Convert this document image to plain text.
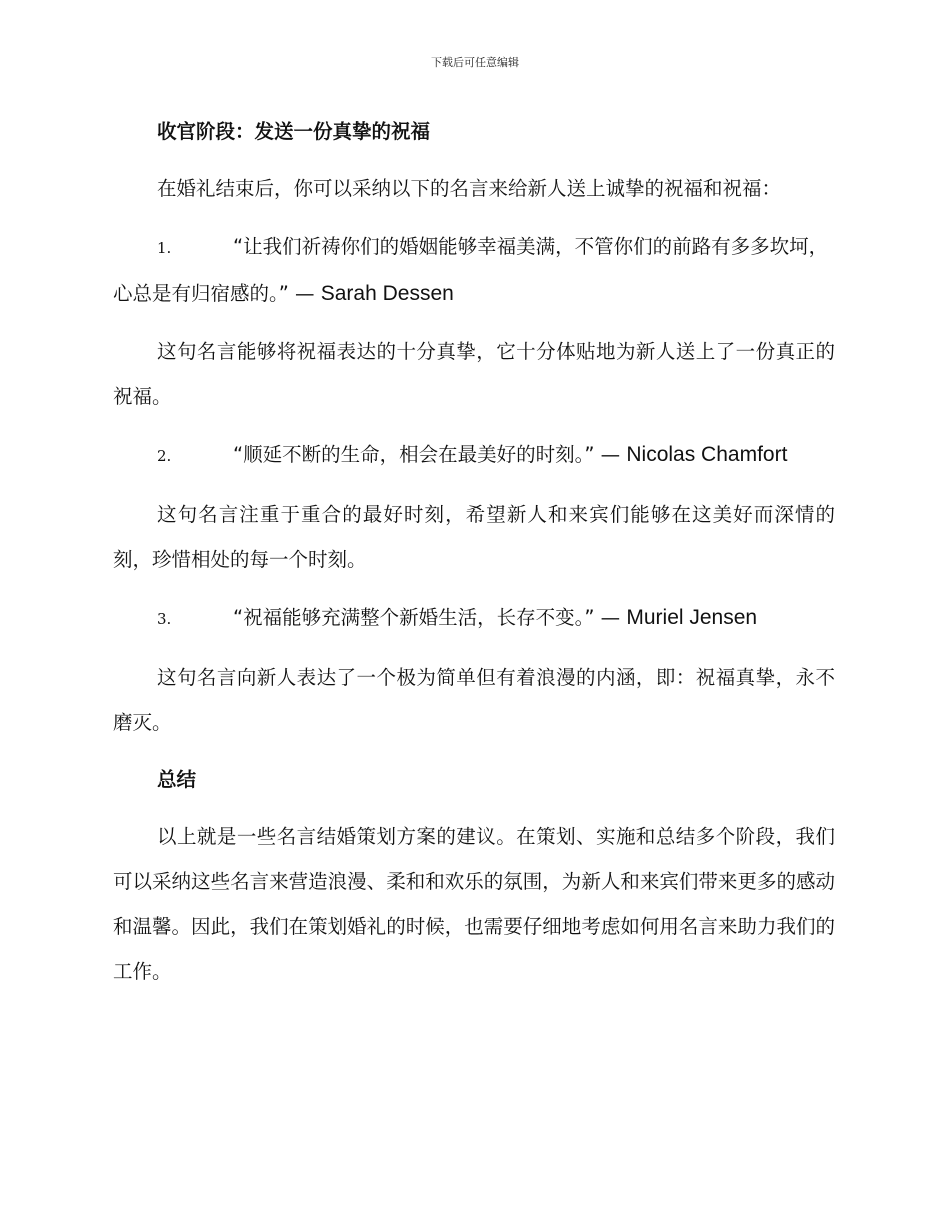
下载后可任意编辑

收官阶段：发送一份真挚的祝福

在婚礼结束后，你可以采纳以下的名言来给新人送上诚挚的祝福和祝福：

1.	“让我们祈祷你们的婚姻能够幸福美满，不管你们的前路有多多坎坷，心总是有归宿感的。” — Sarah Dessen

这句名言能够将祝福表达的十分真挚，它十分体贴地为新人送上了一份真正的祝福。

2.	“顺延不断的生命，相会在最美好的时刻。” — Nicolas Chamfort

这句名言注重于重合的最好时刻，希望新人和来宾们能够在这美好而深情的刻，珍惜相处的每一个时刻。

3.	“祝福能够充满整个新婚生活，长存不变。” — Muriel Jensen

这句名言向新人表达了一个极为简单但有着浪漫的内涵，即：祝福真挚，永不磨灭。

总结

以上就是一些名言结婚策划方案的建议。在策划、实施和总结多个阶段，我们可以采纳这些名言来营造浪漫、柔和和欢乐的氛围，为新人和来宾们带来更多的感动和温馨。因此，我们在策划婚礼的时候，也需要仔细地考虑如何用名言来助力我们的工作。
